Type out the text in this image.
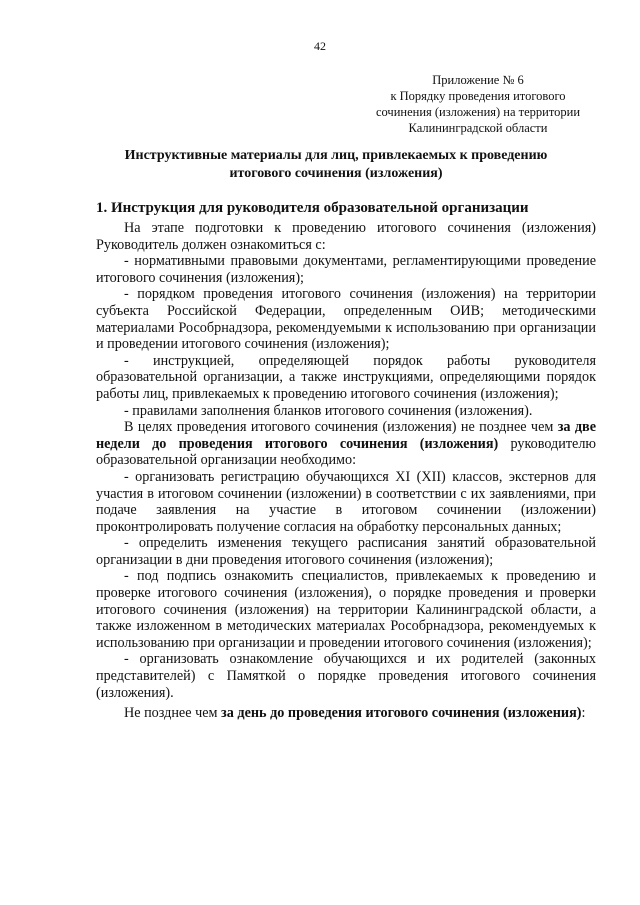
42
Приложение № 6
к Порядку проведения итогового
сочинения (изложения) на территории
Калининградской области
Инструктивные материалы для лиц, привлекаемых к проведению
итогового сочинения (изложения)
1. Инструкция для руководителя образовательной организации

На этапе подготовки к проведению итогового сочинения (изложения) Руководитель должен ознакомиться с:

- нормативными правовыми документами, регламентирующими проведение итогового сочинения (изложения);

- порядком проведения итогового сочинения (изложения) на территории субъекта Российской Федерации, определенным ОИВ; методическими материалами Рособрнадзора, рекомендуемыми к использованию при организации и проведении итогового сочинения (изложения);

- инструкцией, определяющей порядок работы руководителя образовательной организации, а также инструкциями, определяющими порядок работы лиц, привлекаемых к проведению итогового сочинения (изложения);

- правилами заполнения бланков итогового сочинения (изложения).

В целях проведения итогового сочинения (изложения) не позднее чем за две недели до проведения итогового сочинения (изложения) руководителю образовательной организации необходимо:

- организовать регистрацию обучающихся XI (XII) классов, экстернов для участия в итоговом сочинении (изложении) в соответствии с их заявлениями, при подаче заявления на участие в итоговом сочинении (изложении) проконтролировать получение согласия на обработку персональных данных;

- определить изменения текущего расписания занятий образовательной организации в дни проведения итогового сочинения (изложения);

- под подпись ознакомить специалистов, привлекаемых к проведению и проверке итогового сочинения (изложения), о порядке проведения и проверки итогового сочинения (изложения) на территории Калининградской области, а также изложенном в методических материалах Рособрнадзора, рекомендуемых к использованию при организации и проведении итогового сочинения (изложения);

- организовать ознакомление обучающихся и их родителей (законных представителей) с Памяткой о порядке проведения итогового сочинения (изложения).

Не позднее чем за день до проведения итогового сочинения (изложения):
